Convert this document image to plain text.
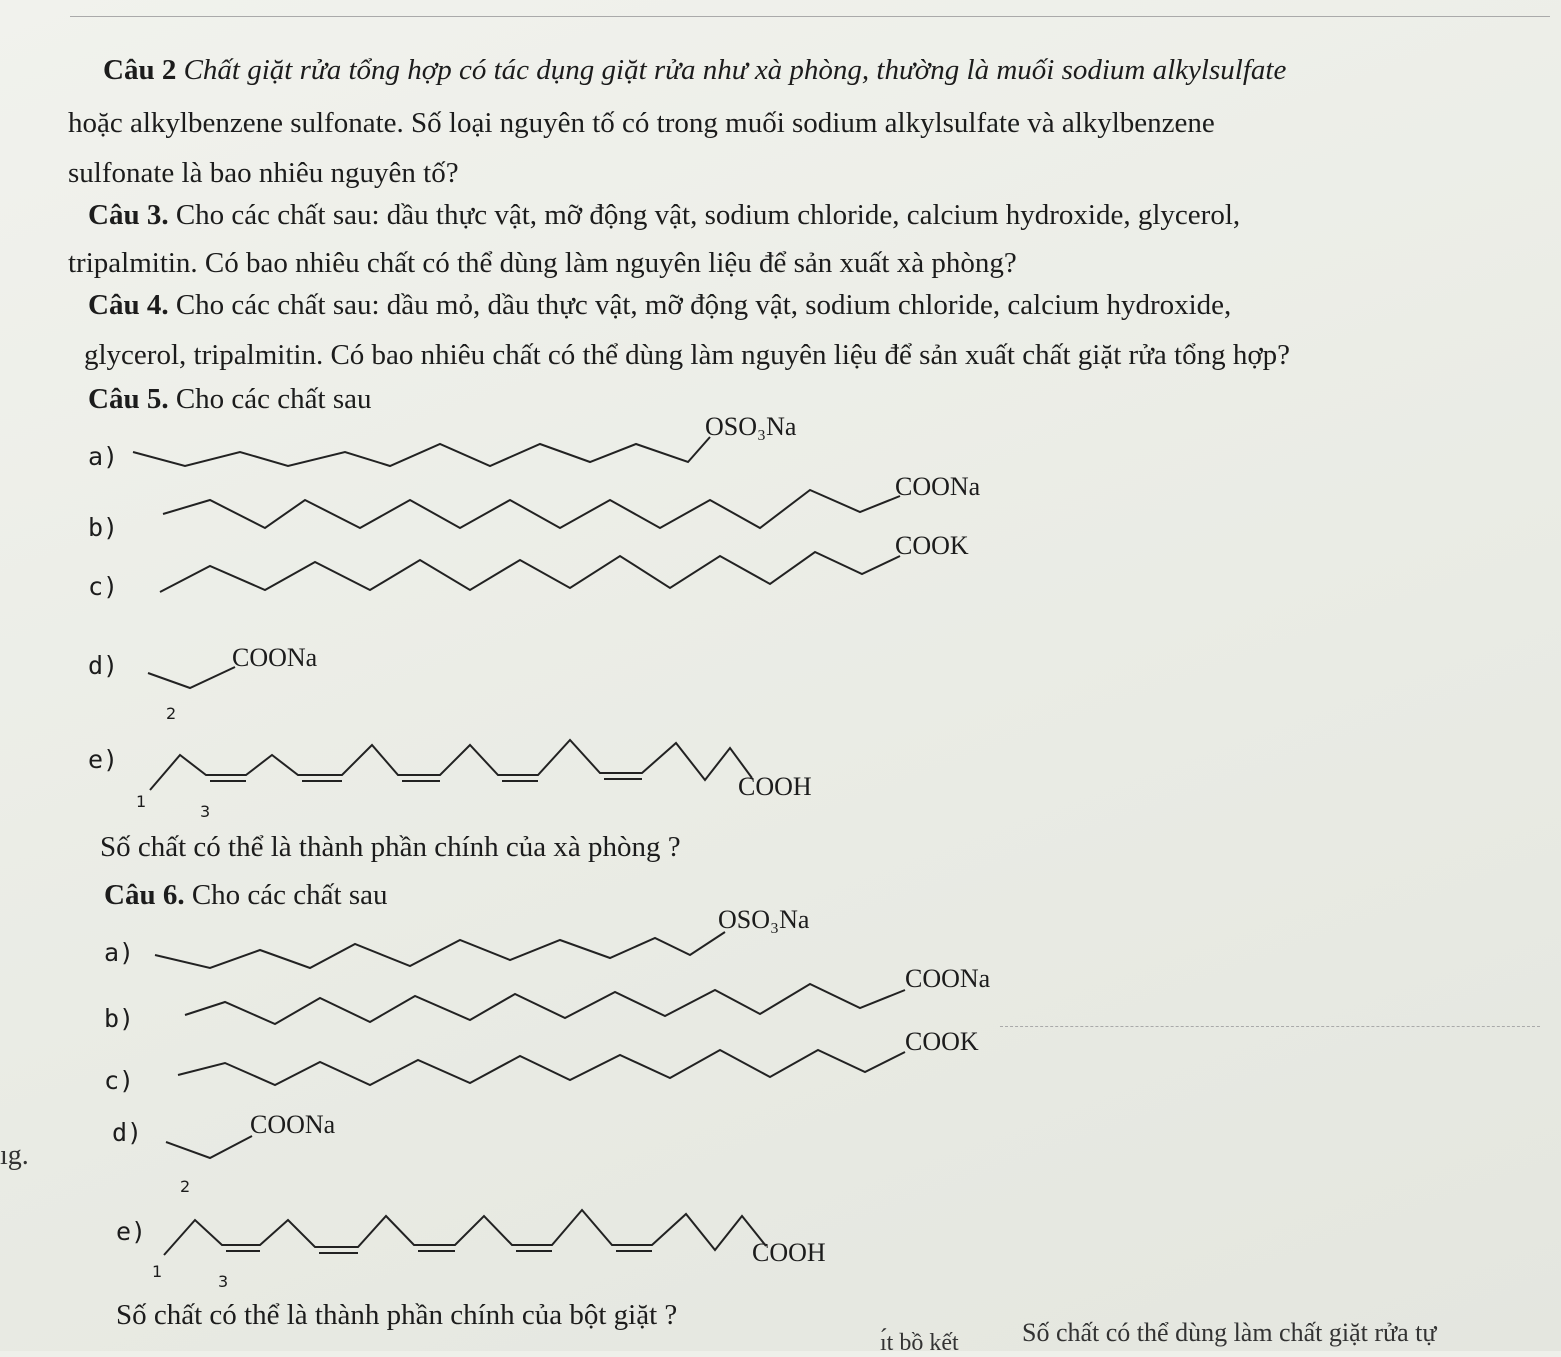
Câu 2 Chất giặt rửa tổng hợp có tác dụng giặt rửa như xà phòng, thường là muối sodium alkylsulfate
hoặc alkylbenzene sulfonate. Số loại nguyên tố có trong muối sodium alkylsulfate và alkylbenzene
sulfonate là bao nhiêu nguyên tố?
Câu 3. Cho các chất sau: dầu thực vật, mỡ động vật, sodium chloride, calcium hydroxide, glycerol,
tripalmitin. Có bao nhiêu chất có thể dùng làm nguyên liệu để sản xuất xà phòng?
Câu 4. Cho các chất sau: dầu mỏ, dầu thực vật, mỡ động vật, sodium chloride, calcium hydroxide,
glycerol, tripalmitin. Có bao nhiêu chất có thể dùng làm nguyên liệu để sản xuất chất giặt rửa tổng hợp?
Câu 5. Cho các chất sau
a)
OSO₃Na
b)
COONa
c)
COOK
d)	COONa
2
e)
1
3
COOH
Số chất có thể là thành phần chính của xà phòng ?
Câu 6. Cho các chất sau
a)
OSO₃Na
b)
COONa
c)
COOK
d)	COONa
ıg.
2
e)
1
3
COOH
Số chất có thể là thành phần chính của bột giặt ?
ı́t bồ kết Số chất có thể dùng làm chất giặt rửa tự
